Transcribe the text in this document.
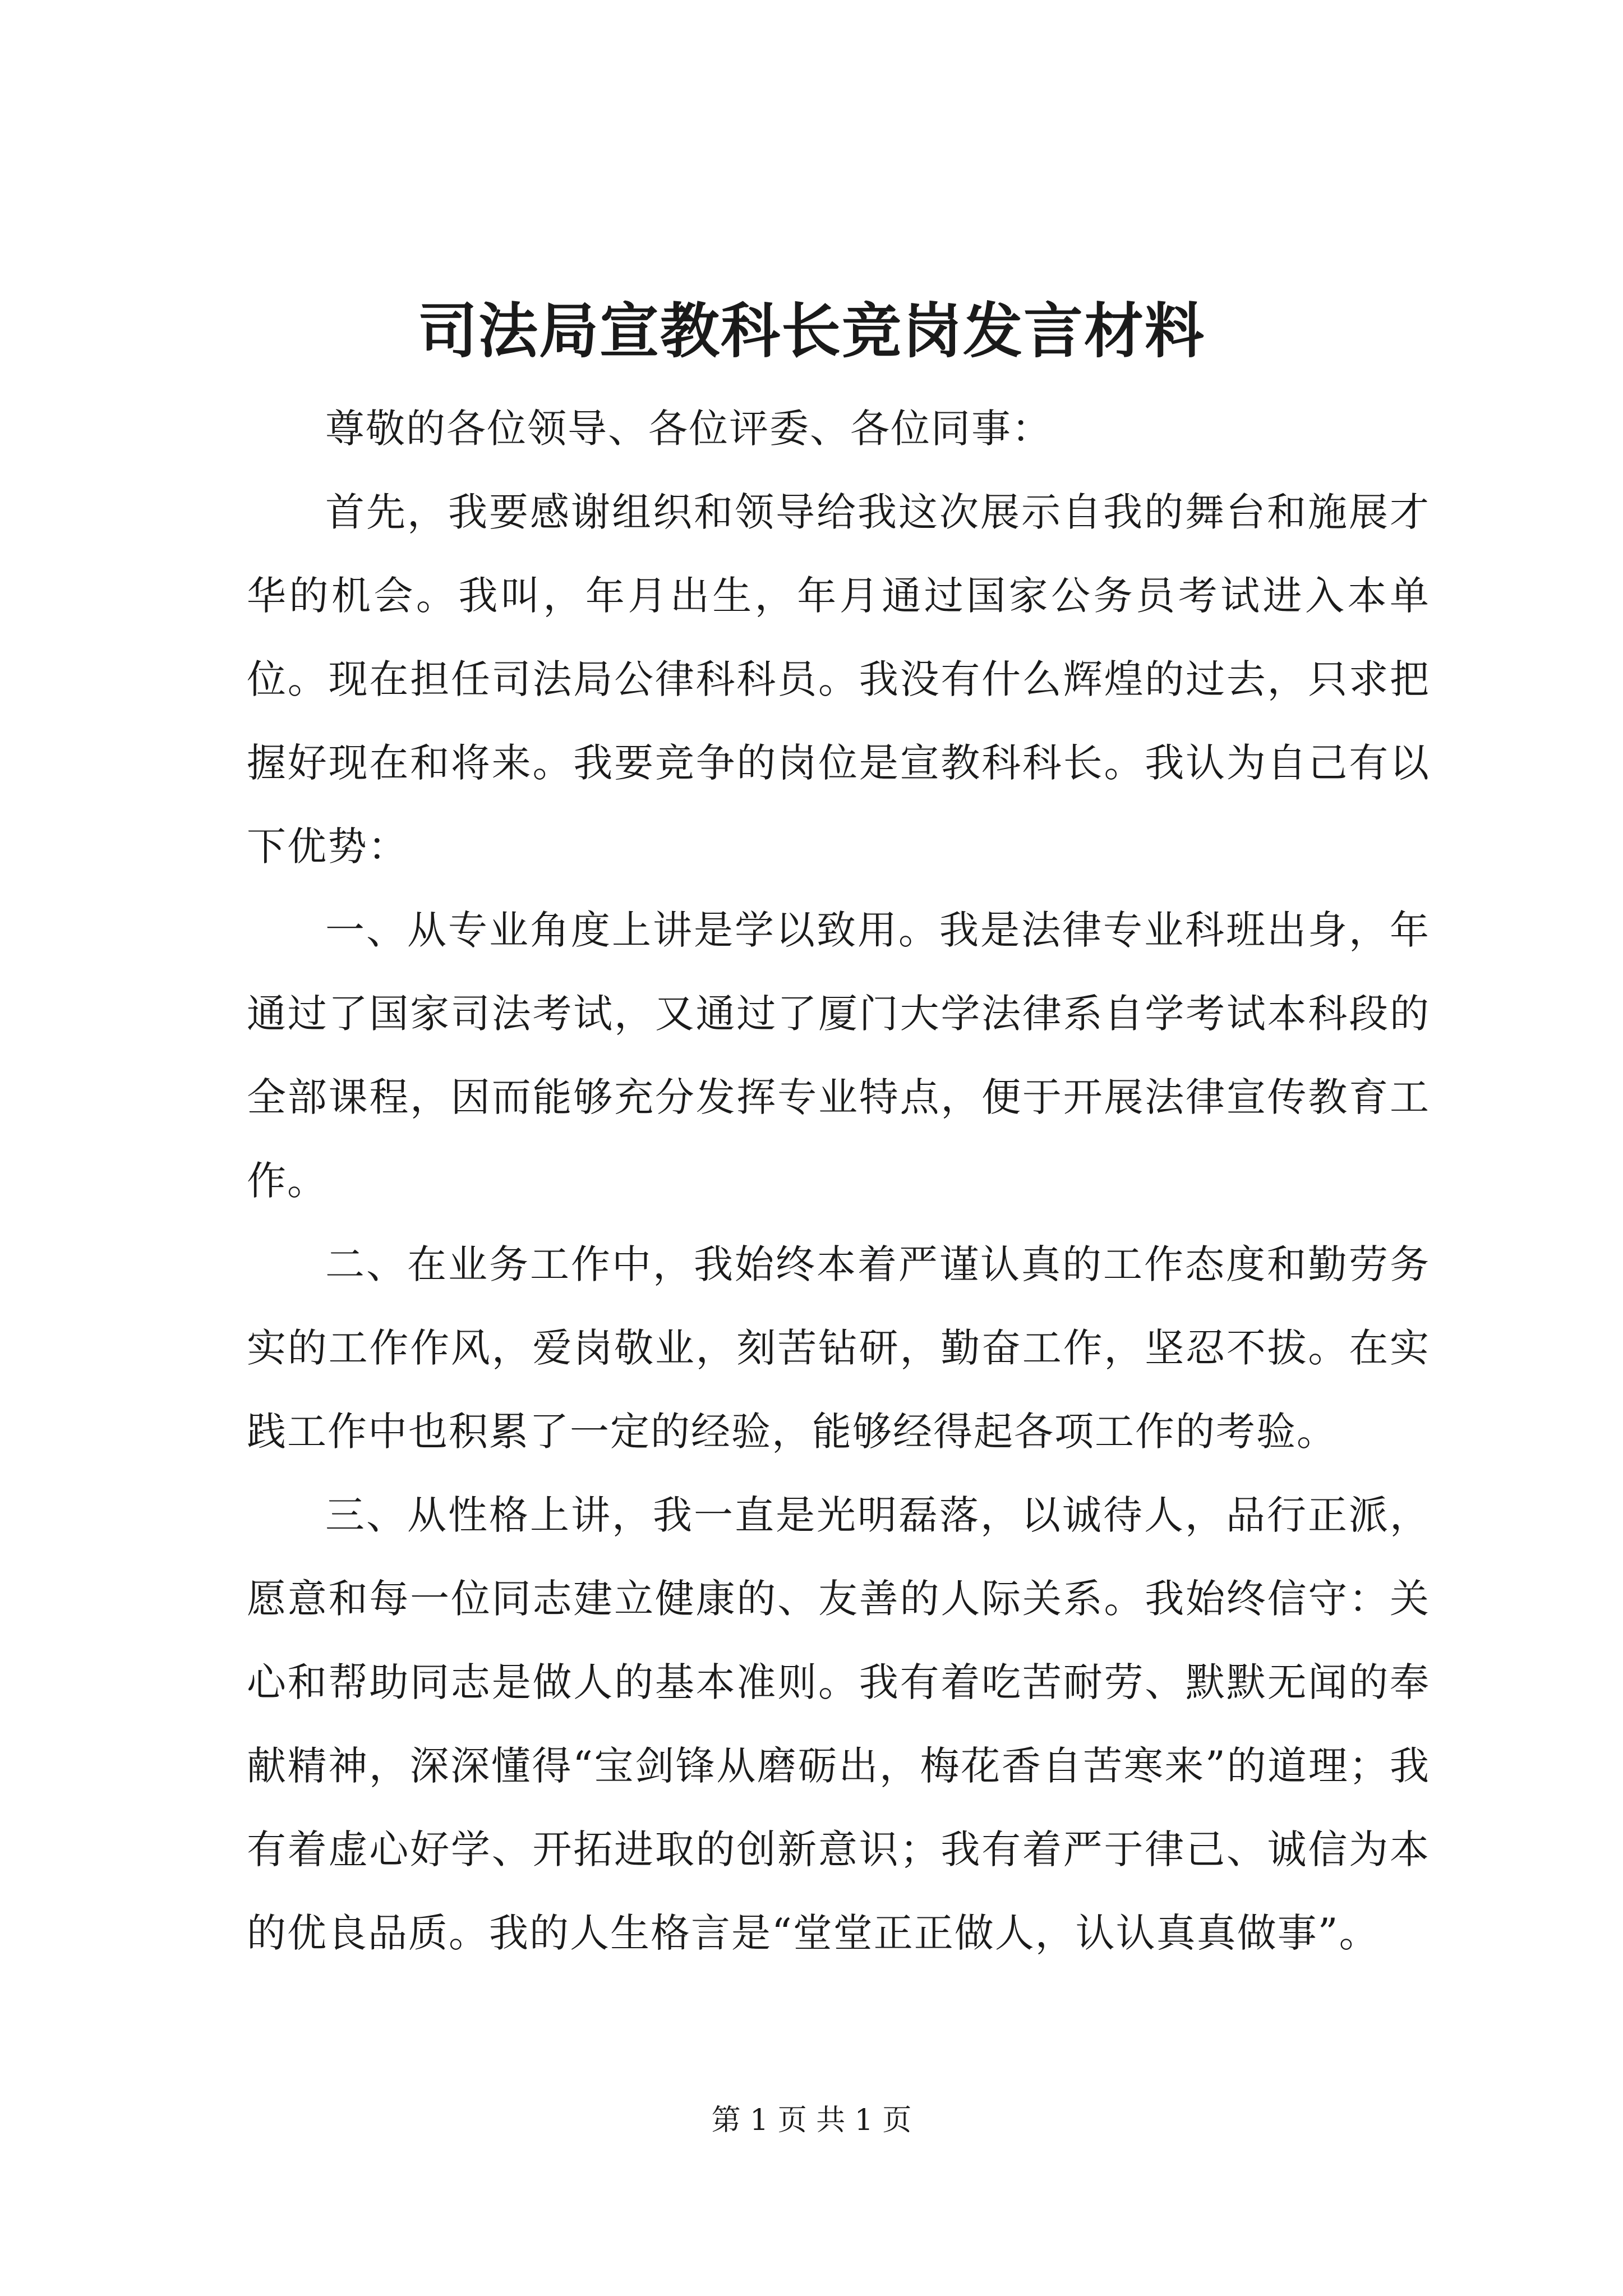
司法局宣教科长竞岗发言材料

尊敬的各位领导、各位评委、各位同事：

首先，我要感谢组织和领导给我这次展示自我的舞台和施展才华的机会。我叫，年月出生，年月通过国家公务员考试进入本单位。现在担任司法局公律科科员。我没有什么辉煌的过去，只求把握好现在和将来。我要竞争的岗位是宣教科科长。我认为自己有以下优势：

一、从专业角度上讲是学以致用。我是法律专业科班出身，年通过了国家司法考试，又通过了厦门大学法律系自学考试本科段的全部课程，因而能够充分发挥专业特点，便于开展法律宣传教育工作。

二、在业务工作中，我始终本着严谨认真的工作态度和勤劳务实的工作作风，爱岗敬业，刻苦钻研，勤奋工作，坚忍不拔。在实践工作中也积累了一定的经验，能够经得起各项工作的考验。

三、从性格上讲，我一直是光明磊落，以诚待人，品行正派，愿意和每一位同志建立健康的、友善的人际关系。我始终信守：关心和帮助同志是做人的基本准则。我有着吃苦耐劳、默默无闻的奉献精神，深深懂得“宝剑锋从磨砺出，梅花香自苦寒来”的道理；我有着虚心好学、开拓进取的创新意识；我有着严于律己、诚信为本的优良品质。我的人生格言是“堂堂正正做人，认认真真做事”。

第 1 页 共 1 页
